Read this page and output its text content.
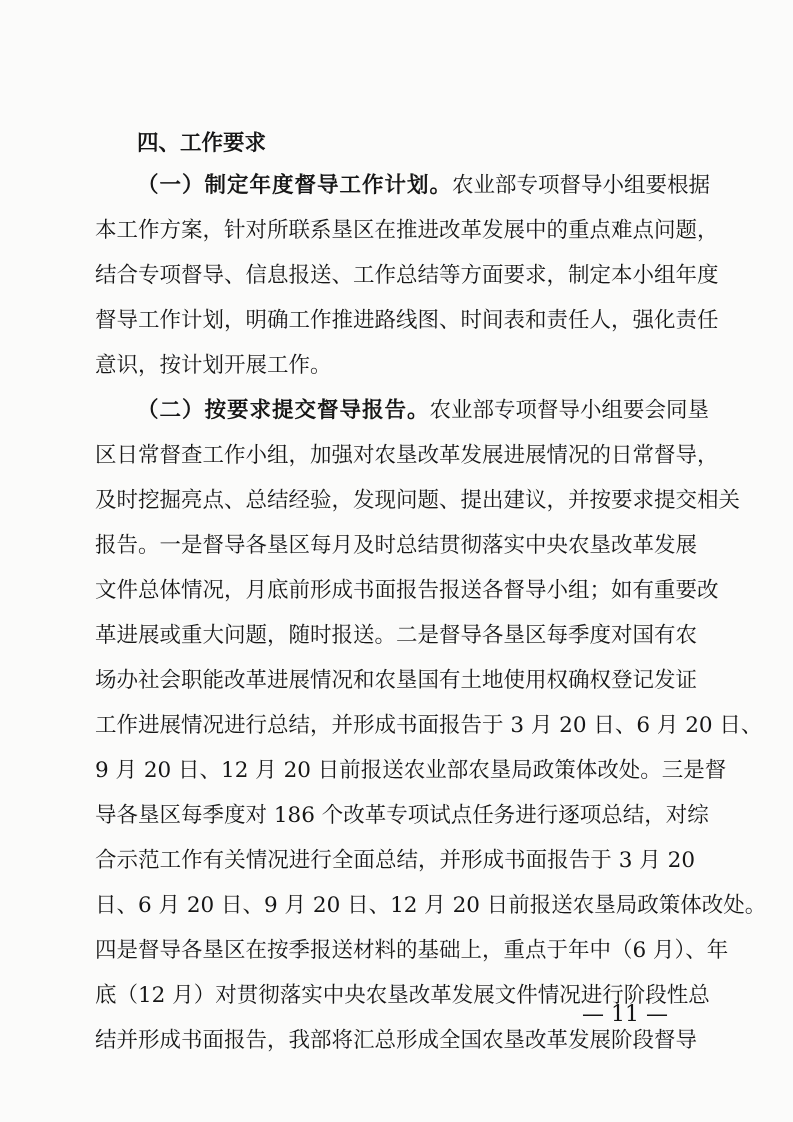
四、工作要求
（一）制定年度督导工作计划。农业部专项督导小组要根据
本工作方案，针对所联系垦区在推进改革发展中的重点难点问题，
结合专项督导、信息报送、工作总结等方面要求，制定本小组年度
督导工作计划，明确工作推进路线图、时间表和责任人，强化责任
意识，按计划开展工作。
（二）按要求提交督导报告。农业部专项督导小组要会同垦
区日常督查工作小组，加强对农垦改革发展进展情况的日常督导，
及时挖掘亮点、总结经验，发现问题、提出建议，并按要求提交相关
报告。一是督导各垦区每月及时总结贯彻落实中央农垦改革发展
文件总体情况，月底前形成书面报告报送各督导小组；如有重要改
革进展或重大问题，随时报送。二是督导各垦区每季度对国有农
场办社会职能改革进展情况和农垦国有土地使用权确权登记发证
工作进展情况进行总结，并形成书面报告于 3 月 20 日、6 月 20 日、
9 月 20 日、12 月 20 日前报送农业部农垦局政策体改处。三是督
导各垦区每季度对 186 个改革专项试点任务进行逐项总结，对综
合示范工作有关情况进行全面总结，并形成书面报告于 3 月 20
日、6 月 20 日、9 月 20 日、12 月 20 日前报送农垦局政策体改处。
四是督导各垦区在按季报送材料的基础上，重点于年中（6 月）、年
底（12 月）对贯彻落实中央农垦改革发展文件情况进行阶段性总
结并形成书面报告，我部将汇总形成全国农垦改革发展阶段督导
— 11 —
